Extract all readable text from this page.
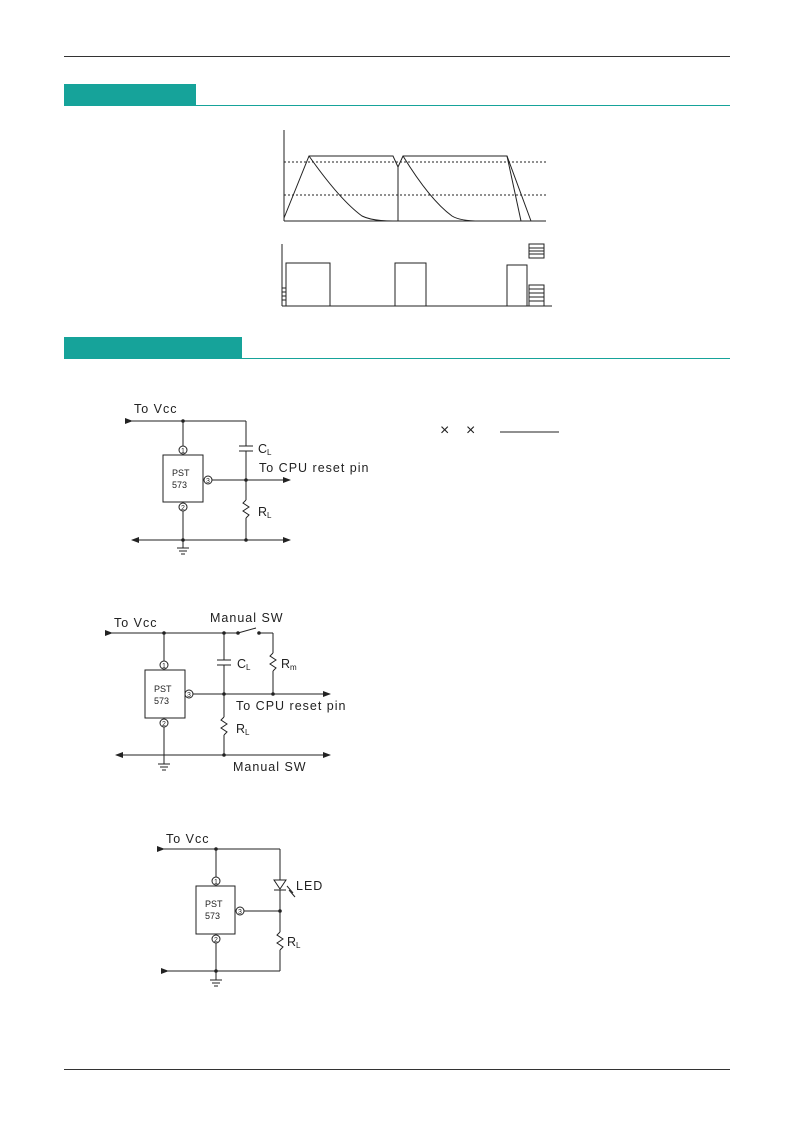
To Vcc
PST
573
1
3
2
C
L
To CPU reset pin
R
L
× ×
To Vcc	Manual SW
PST
573
1
3
2
C
L R
m
To CPU reset pin
R
L
Manual SW
To Vcc
PST
573
1
3
2
LED
R
L
